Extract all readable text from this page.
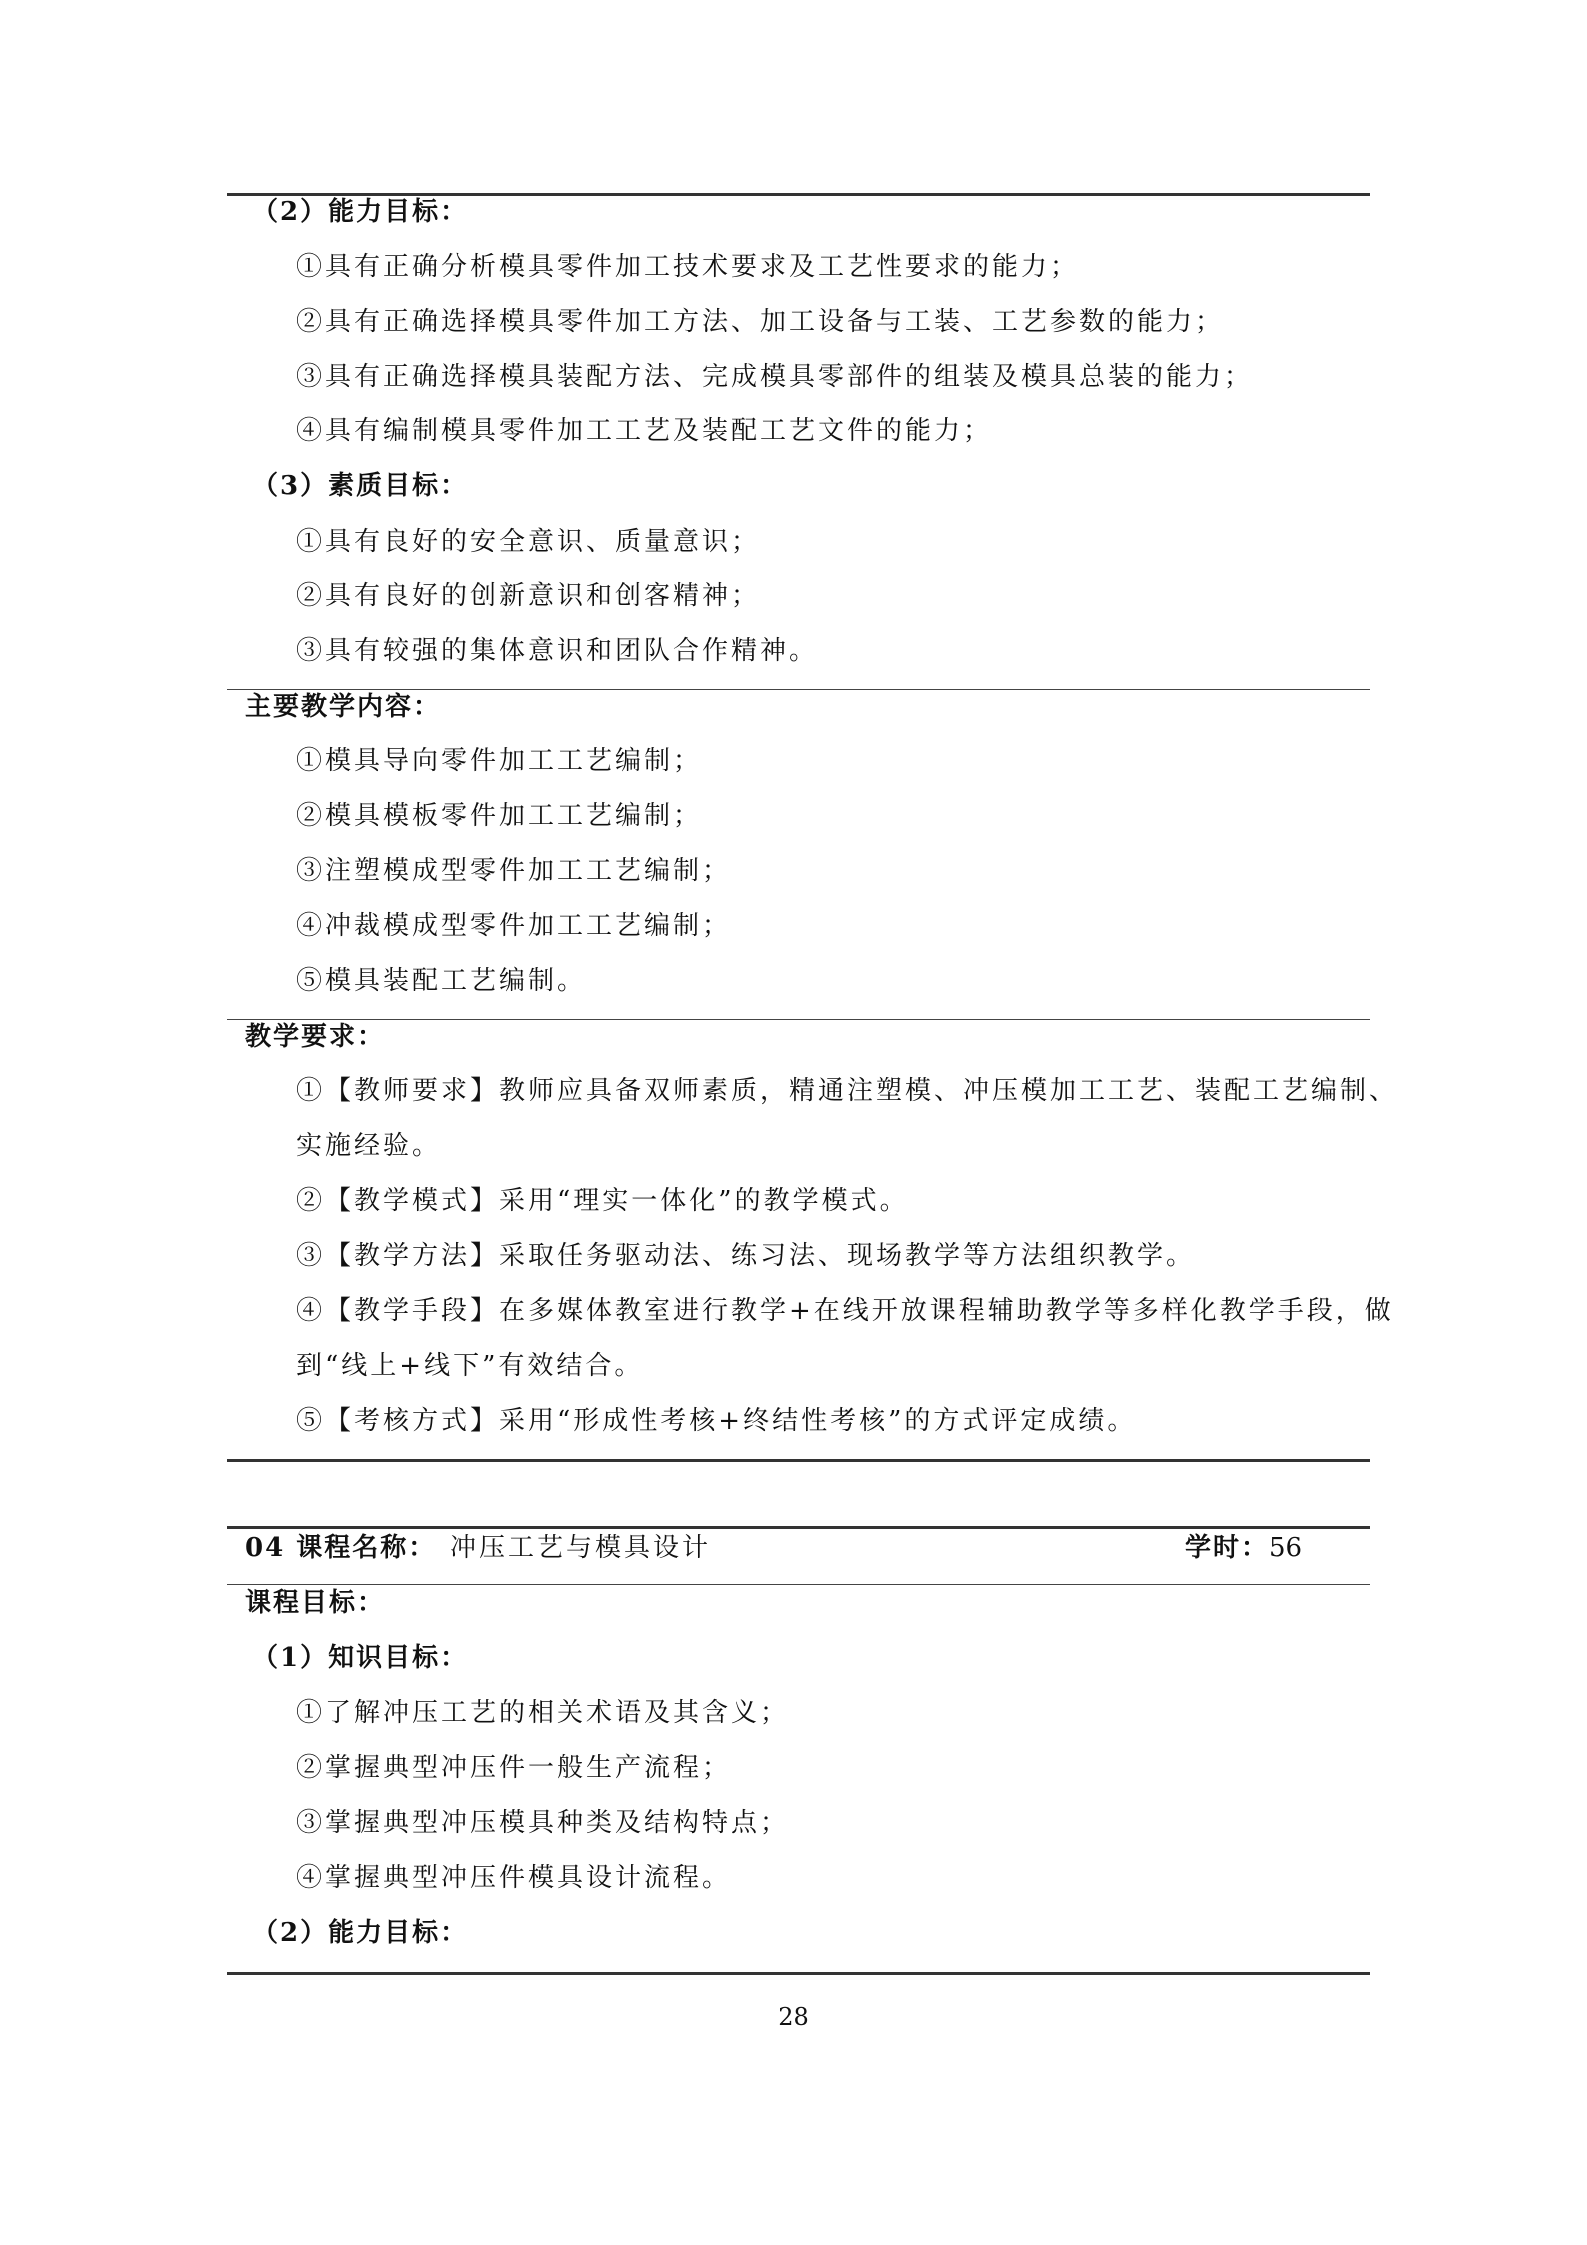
（2）能力目标：
①具有正确分析模具零件加工技术要求及工艺性要求的能力；
②具有正确选择模具零件加工方法、加工设备与工装、工艺参数的能力；
③具有正确选择模具装配方法、完成模具零部件的组装及模具总装的能力；
④具有编制模具零件加工工艺及装配工艺文件的能力；
（3）素质目标：
①具有良好的安全意识、质量意识；
②具有良好的创新意识和创客精神；
③具有较强的集体意识和团队合作精神。
主要教学内容：
①模具导向零件加工工艺编制；
②模具模板零件加工工艺编制；
③注塑模成型零件加工工艺编制；
④冲裁模成型零件加工工艺编制；
⑤模具装配工艺编制。
教学要求：
①【教师要求】教师应具备双师素质，精通注塑模、冲压模加工工艺、装配工艺编制、
实施经验。
②【教学模式】采用“理实一体化”的教学模式。
③【教学方法】采取任务驱动法、练习法、现场教学等方法组织教学。
④【教学手段】在多媒体教室进行教学+在线开放课程辅助教学等多样化教学手段，做
到“线上+线下”有效结合。
⑤【考核方式】采用“形成性考核+终结性考核”的方式评定成绩。
04 课程名称： 冲压工艺与模具设计	学时：56
课程目标：
（1）知识目标：
①了解冲压工艺的相关术语及其含义；
②掌握典型冲压件一般生产流程；
③掌握典型冲压模具种类及结构特点；
④掌握典型冲压件模具设计流程。
（2）能力目标：
28
